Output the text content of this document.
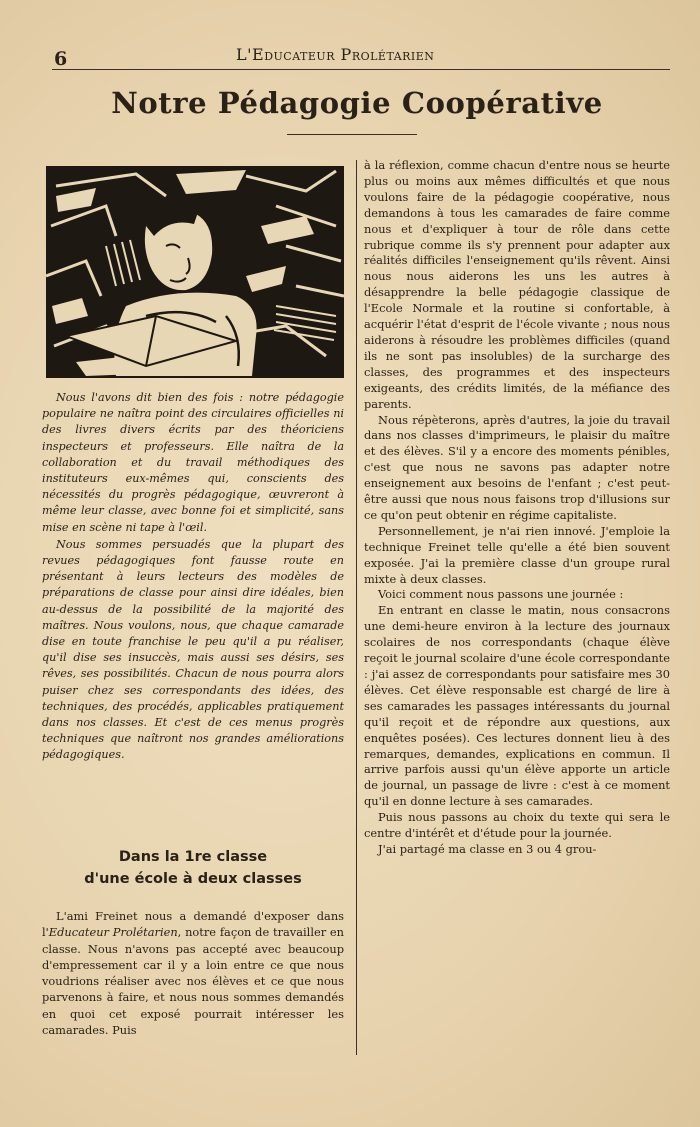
6	L'Educateur Prolétarien
Notre Pédagogie Coopérative

Nous l'avons dit bien des fois : notre pédagogie populaire ne naîtra point des circulaires officielles ni des livres divers écrits par des théoriciens inspecteurs et professeurs. Elle naîtra de la collaboration et du travail méthodiques des instituteurs eux-mêmes qui, conscients des nécessités du progrès pédagogique, œuvreront à même leur classe, avec bonne foi et simplicité, sans mise en scène ni tape à l'œil.

Nous sommes persuadés que la plupart des revues pédagogiques font fausse route en présentant à leurs lecteurs des modèles de préparations de classe pour ainsi dire idéales, bien au-dessus de la possibilité de la majorité des maîtres. Nous voulons, nous, que chaque camarade dise en toute franchise le peu qu'il a pu réaliser, qu'il dise ses insuccès, mais aussi ses désirs, ses rêves, ses possibilités. Chacun de nous pourra alors puiser chez ses correspondants des idées, des techniques, des procédés, applicables pratiquement dans nos classes. Et c'est de ces menus progrès techniques que naîtront nos grandes améliorations pédagogiques.

Dans la 1re classe
d'une école à deux classes

L'ami Freinet nous a demandé d'exposer dans l'Educateur Prolétarien, notre façon de travailler en classe. Nous n'avons pas accepté avec beaucoup d'empressement car il y a loin entre ce que nous voudrions réaliser avec nos élèves et ce que nous parvenons à faire, et nous nous sommes demandés en quoi cet exposé pourrait intéresser les camarades. Puis

à la réflexion, comme chacun d'entre nous se heurte plus ou moins aux mêmes difficultés et que nous voulons faire de la pédagogie coopérative, nous demandons à tous les camarades de faire comme nous et d'expliquer à tour de rôle dans cette rubrique comme ils s'y prennent pour adapter aux réalités difficiles l'enseignement qu'ils rêvent. Ainsi nous nous aiderons les uns les autres à désapprendre la belle pédagogie classique de l'Ecole Normale et la routine si confortable, à acquérir l'état d'esprit de l'école vivante ; nous nous aiderons à résoudre les problèmes difficiles (quand ils ne sont pas insolubles) de la surcharge des classes, des programmes et des inspecteurs exigeants, des crédits limités, de la méfiance des parents.

Nous répèterons, après d'autres, la joie du travail dans nos classes d'imprimeurs, le plaisir du maître et des élèves. S'il y a encore des moments pénibles, c'est que nous ne savons pas adapter notre enseignement aux besoins de l'enfant ; c'est peut-être aussi que nous nous faisons trop d'illusions sur ce qu'on peut obtenir en régime capitaliste.

Personnellement, je n'ai rien innové. J'emploie la technique Freinet telle qu'elle a été bien souvent exposée. J'ai la première classe d'un groupe rural mixte à deux classes.

Voici comment nous passons une journée :

En entrant en classe le matin, nous consacrons une demi-heure environ à la lecture des journaux scolaires de nos correspondants (chaque élève reçoit le journal scolaire d'une école correspondante : j'ai assez de correspondants pour satisfaire mes 30 élèves. Cet élève responsable est chargé de lire à ses camarades les passages intéressants du journal qu'il reçoit et de répondre aux questions, aux enquêtes posées). Ces lectures donnent lieu à des remarques, demandes, explications en commun. Il arrive parfois aussi qu'un élève apporte un article de journal, un passage de livre : c'est à ce moment qu'il en donne lecture à ses camarades.

Puis nous passons au choix du texte qui sera le centre d'intérêt et d'étude pour la journée.

J'ai partagé ma classe en 3 ou 4 grou-
